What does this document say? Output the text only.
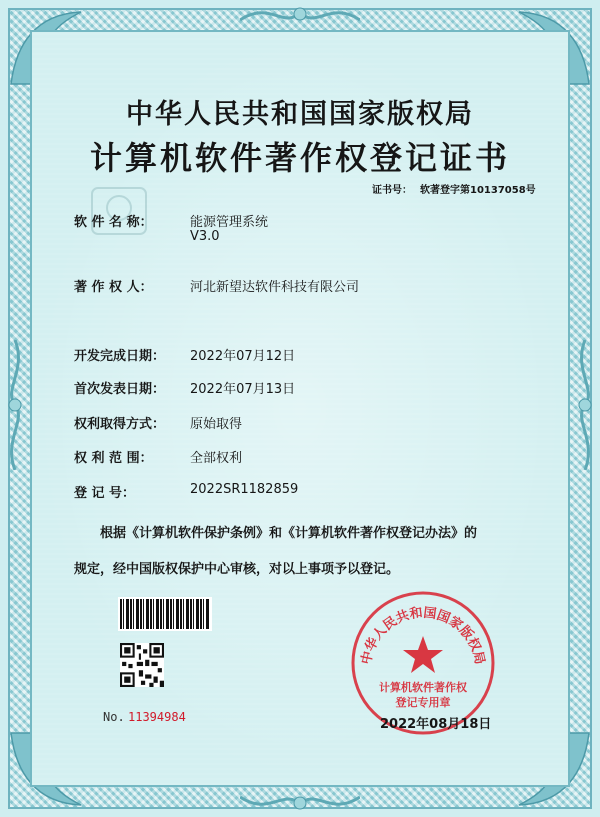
中华人民共和国国家版权局
计算机软件著作权登记证书
证书号： 软著登字第10137058号
软 件 名 称：	能源管理系统
V3.0
著 作 权 人：	河北新望达软件科技有限公司
开发完成日期： 2022年07月12日
首次发表日期： 2022年07月13日
权利取得方式： 原始取得
权 利 范 围：	全部权利
登 记 号：	2022SR1182859
根据《计算机软件保护条例》和《计算机软件著作权登记办法》的
规定，经中国版权保护中心审核，对以上事项予以登记。
No. 11394984
中华人民共和国国家版权局
计算机软件著作权
登记专用章
2022年08月18日
